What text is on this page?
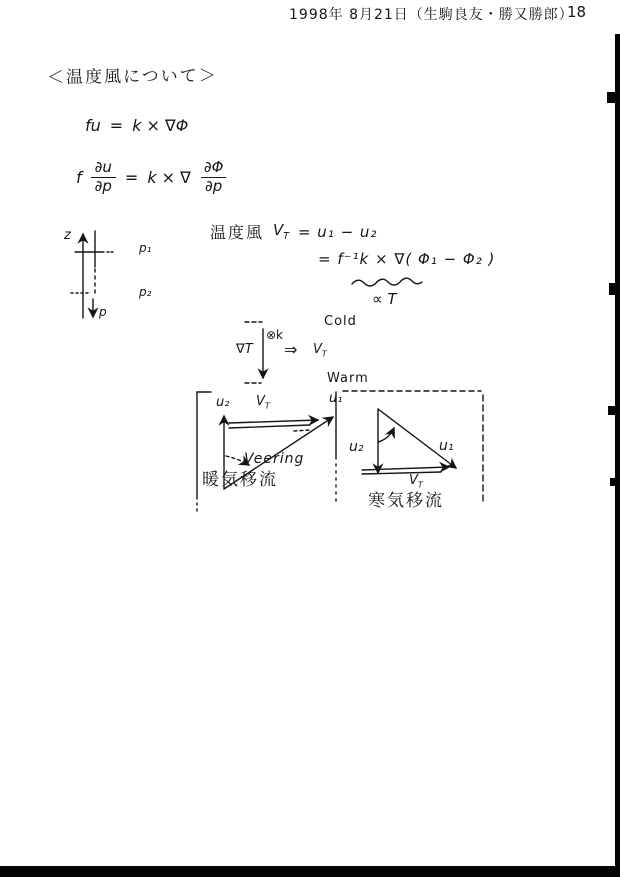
1998年 8月21日（生駒良友・勝又勝郎）
18
＜温度風について＞
fu = k × ∇Φ
f $\frac{\partial u}{\partial p} = k$ × ∇ $\frac{\partial\Phi}{\partial p}$
温度風 $V_T = u_1 - u_2$
= f⁻¹k × ∇( Φ₁ − Φ₂ )
∝ T
z
p
p₁
p₂
Cold
⊗k
∇T ⇒ $V_T$
Warm
u₂ $V_T$
u₁
Veering
暖気移流
u₂	u₁
$V_T$
寒気移流
